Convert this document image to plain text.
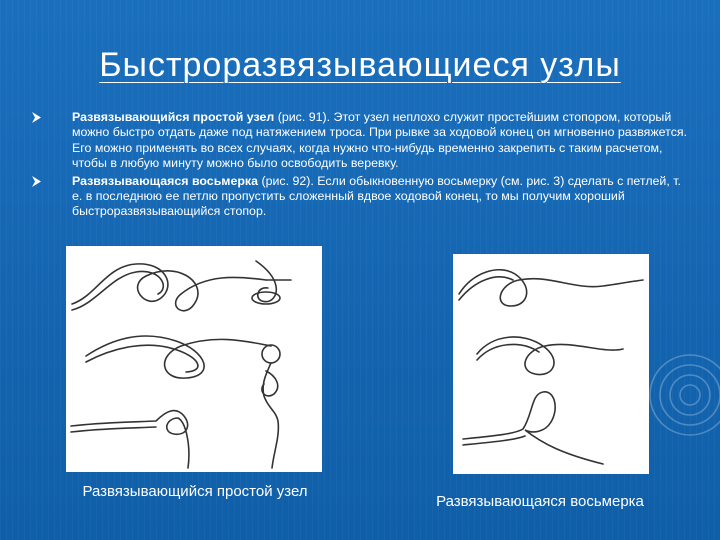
Быстроразвязывающиеся узлы
Развязывающийся простой узел (рис. 91). Этот узел неплохо служит простейшим стопором, который можно быстро отдать даже под натяжением троса. При рывке за ходовой конец он мгновенно развяжется. Его можно применять во всех случаях, когда нужно что-нибудь временно закрепить с таким расчетом, чтобы в любую минуту можно было освободить веревку.
Развязывающаяся восьмерка (рис. 92). Если обыкновенную восьмерку (см. рис. 3) сделать с петлей, т. е. в последнюю ее петлю пропустить сложенный вдвое ходовой конец, то мы получим хороший быстроразвязывающийся стопор.
Развязывающийся простой узел
Развязывающаяся восьмерка
